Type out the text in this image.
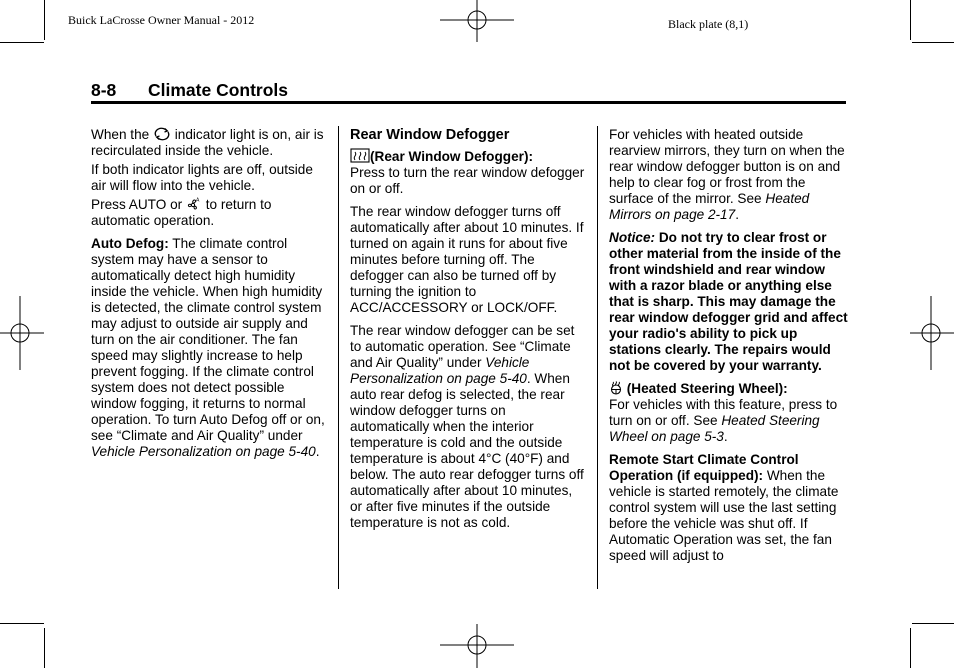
Buick LaCrosse Owner Manual - 2012	Black plate (8,1)
8-8 Climate Controls

When the  indicator light is on, air is recirculated inside the vehicle.

If both indicator lights are off, outside air will flow into the vehicle.

Press AUTO or A to return to automatic operation.

Auto Defog: The climate control system may have a sensor to automatically detect high humidity inside the vehicle. When high humidity is detected, the climate control system may adjust to outside air supply and turn on the air conditioner. The fan speed may slightly increase to help prevent fogging. If the climate control system does not detect possible window fogging, it returns to normal operation. To turn Auto Defog off or on, see “Climate and Air Quality” under Vehicle Personalization on page 5-40.

Rear Window Defogger

(Rear Window Defogger):
Press to turn the rear window defogger on or off.

The rear window defogger turns off automatically after about 10 minutes. If turned on again it runs for about five minutes before turning off. The defogger can also be turned off by turning the ignition to ACC/ACCESSORY or LOCK/OFF.

The rear window defogger can be set to automatic operation. See “Climate and Air Quality” under Vehicle Personalization on page 5-40. When auto rear defog is selected, the rear window defogger turns on automatically when the interior temperature is cold and the outside temperature is about 4°C (40°F) and below. The auto rear defogger turns off automatically after about 10 minutes, or after five minutes if the outside temperature is not as cold.

For vehicles with heated outside rearview mirrors, they turn on when the rear window defogger button is on and help to clear fog or frost from the surface of the mirror. See Heated Mirrors on page 2-17.

Notice: Do not try to clear frost or other material from the inside of the front windshield and rear window with a razor blade or anything else that is sharp. This may damage the rear window defogger grid and affect your radio's ability to pick up stations clearly. The repairs would not be covered by your warranty.

(Heated Steering Wheel):
For vehicles with this feature, press to turn on or off. See Heated Steering Wheel on page 5-3.

Remote Start Climate Control Operation (if equipped): When the vehicle is started remotely, the climate control system will use the last setting before the vehicle was shut off. If Automatic Operation was set, the fan speed will adjust to
